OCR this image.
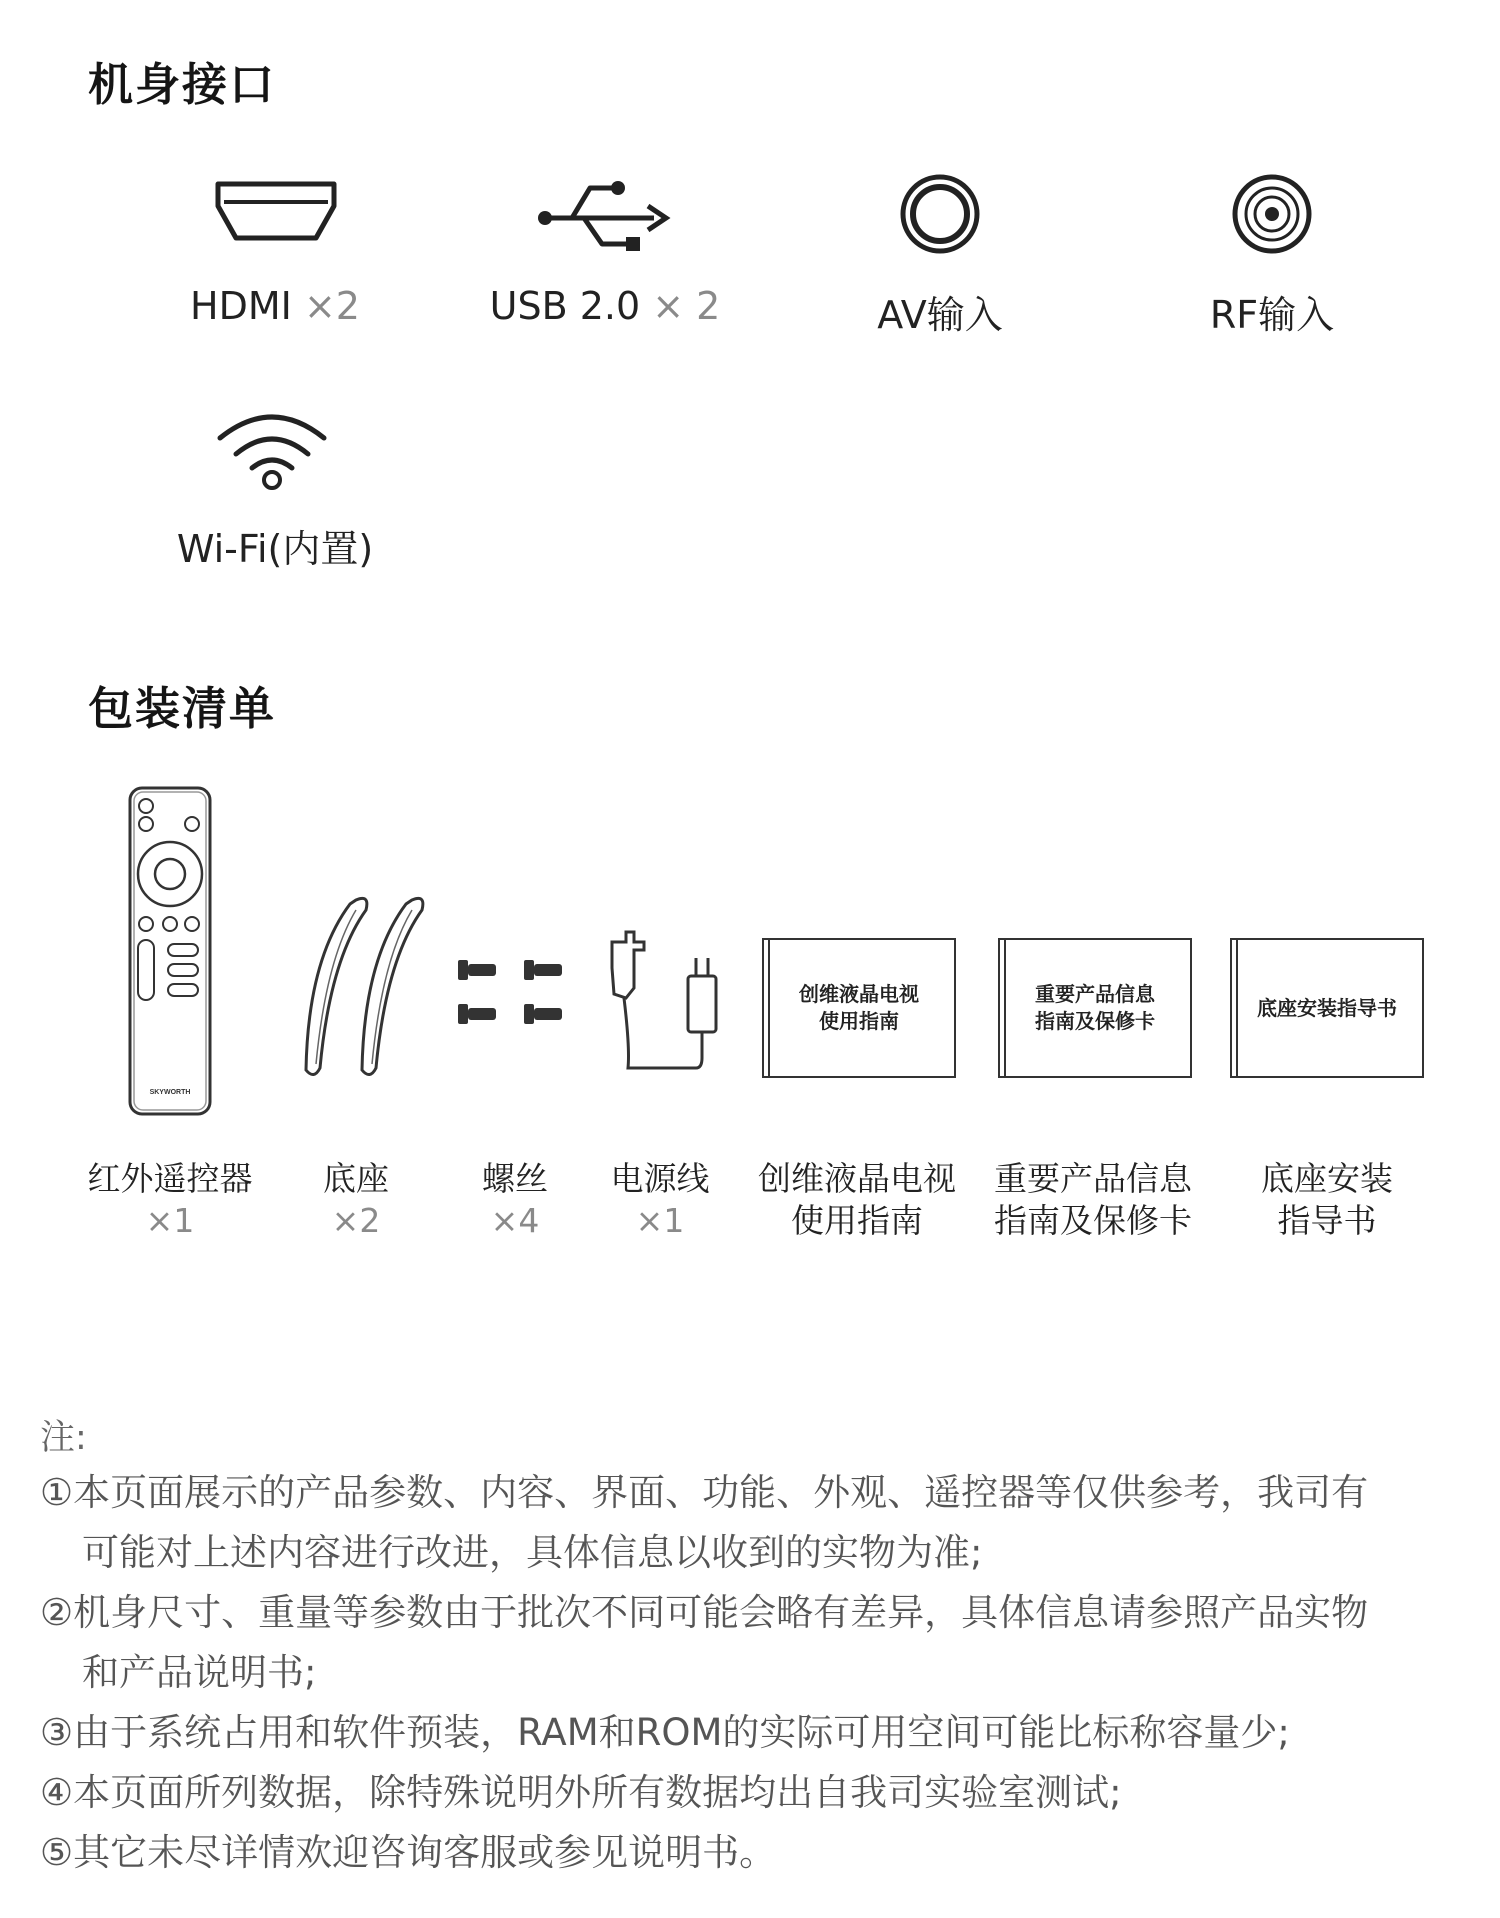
机身接口
HDMI ×2	USB 2.0 × 2	AV输入	RF输入
Wi-Fi(内置)
包装清单
SKYWORTH
红外遥控器
×1
底座
×2
螺丝
×4
电源线
×1
创维液晶电视
使用指南
创维液晶电视
使用指南
重要产品信息
指南及保修卡
重要产品信息
指南及保修卡
底座安装指导书
底座安装
指导书
注:
①本页面展示的产品参数、内容、界面、功能、外观、遥控器等仅供参考，我司有
可能对上述内容进行改进，具体信息以收到的实物为准;
②机身尺寸、重量等参数由于批次不同可能会略有差异，具体信息请参照产品实物
和产品说明书;
③由于系统占用和软件预装，RAM和ROM的实际可用空间可能比标称容量少;
④本页面所列数据，除特殊说明外所有数据均出自我司实验室测试;
⑤其它未尽详情欢迎咨询客服或参见说明书。
